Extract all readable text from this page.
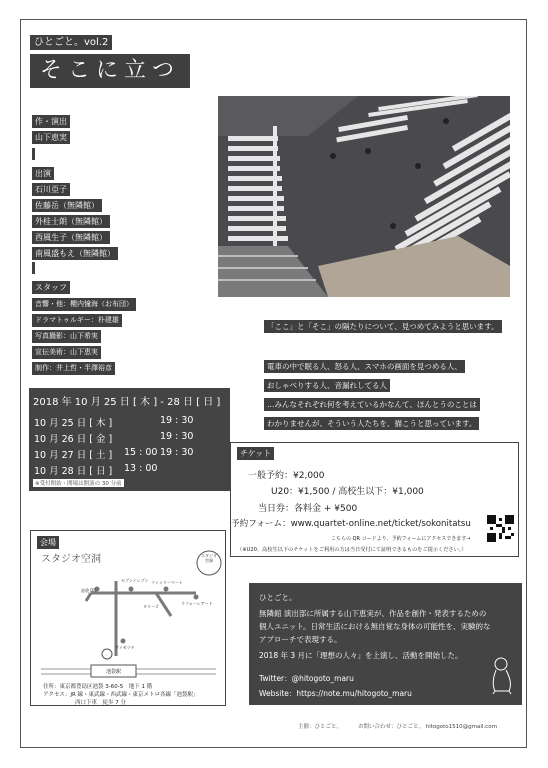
ひとごと。vol.2
そこに立つ
作・演出
山下恵実
出演
石川亞子
佐藤岳（無隣館）
外桂士朗（無隣館）
西風生子（無隣館）
南風盛もえ（無隣館）
スタッフ
音響・他：櫻内憧海（お布団）
ドラマトゥルギー：朴建雄
写真撮影：山下希実
宣伝美術：山下恵実
制作：井上哲・半澤裕彦
2018 年 10 月 25 日 [ 木 ] - 28 日 [ 日 ]
10 月 25 日 [ 木 ]	19 : 30
10 月 26 日 [ 金 ]	19 : 30
10 月 27 日 [ 土 ] 15 : 00 19 : 30
10 月 28 日 [ 日 ] 13 : 00
※受付開始・開場は開演の 30 分前
「ここ」と「そこ」の隔たりについて、見つめてみようと思います。
電車の中で眠る人、怒る人、スマホの画面を見つめる人、
おしゃべりする人、音漏れしてる人
…みんなそれぞれ何を考えているかなんて、ほんとうのことは
わかりませんが、そういう人たちを、描こうと思っています。
チケット
一般予約：¥2,000
U20：¥1,500 / 高校生以下：¥1,000
当日券：各料金 + ¥500
予約フォーム：www.quartet-online.net/ticket/sokonitatsu
こちらの QR コードより、予約フォームにアクセスできます→
（※U20、高校生以下のチケットをご利用の方は当日受付にて証明できるものをご提示ください。）
会場
スタジオ空洞	スタジオ空洞
ファミリーマート
セブンイレブン
池袋 DD
ラフォーレアート
タリーズ
サイゼリヤ
池袋駅
住所：東京都豊島区池袋 3-60-5　地下 1 階
アクセス：JR 線・東武線・西武線・東京メトロ各線「池袋駅」
西口下車　徒歩 7 分
ひとごと。
無隣館 演出部に所属する山下恵実が、作品を創作・発表するための
個人ユニット。日常生活における無自覚な身体の可能性を、実験的な
アプローチで表現する。
2018 年 3 月に「理想の人々」を上演し、活動を開始した。
Twitter：@hitogoto_maru
Website：https://note.mu/hitogoto_maru
主催：ひとごと。	お問い合わせ：ひとごと。 hitogoto1510@gmail.com
